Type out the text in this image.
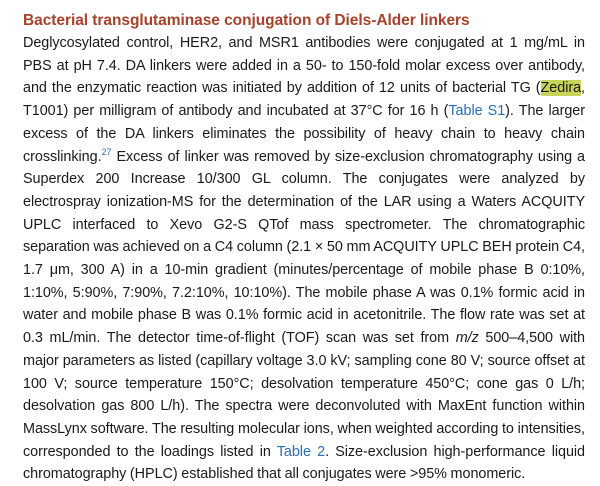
Bacterial transglutaminase conjugation of Diels-Alder linkers

Deglycosylated control, HER2, and MSR1 antibodies were conjugated at 1 mg/mL in PBS at pH 7.4. DA linkers were added in a 50- to 150-fold molar excess over antibody, and the enzymatic reaction was initiated by addition of 12 units of bacterial TG (Zedira, T1001) per milligram of antibody and incubated at 37°C for 16 h (Table S1). The larger excess of the DA linkers eliminates the possibility of heavy chain to heavy chain crosslinking.$^{27}$ Excess of linker was removed by size-exclusion chromatography using a Superdex 200 Increase 10/300 GL column. The conjugates were analyzed by electrospray ionization-MS for the determination of the LAR using a Waters ACQUITY UPLC interfaced to Xevo G2-S QTof mass spectrometer. The chromatographic separation was achieved on a C4 column (2.1 × 50 mm ACQUITY UPLC BEH protein C4, 1.7 μm, 300 A) in a 10-min gradient (minutes/percentage of mobile phase B 0:10%, 1:10%, 5:90%, 7:90%, 7.2:10%, 10:10%). The mobile phase A was 0.1% formic acid in water and mobile phase B was 0.1% formic acid in acetonitrile. The flow rate was set at 0.3 mL/min. The detector time-of-flight (TOF) scan was set from m/z 500–4,500 with major parameters as listed (capillary voltage 3.0 kV; sampling cone 80 V; source offset at 100 V; source temperature 150°C; desolvation temperature 450°C; cone gas 0 L/h; desolvation gas 800 L/h). The spectra were deconvoluted with MaxEnt function within MassLynx software. The resulting molecular ions, when weighted according to intensities, corresponded to the loadings listed in Table 2. Size-exclusion high-performance liquid chromatography (HPLC) established that all conjugates were >95% monomeric.
